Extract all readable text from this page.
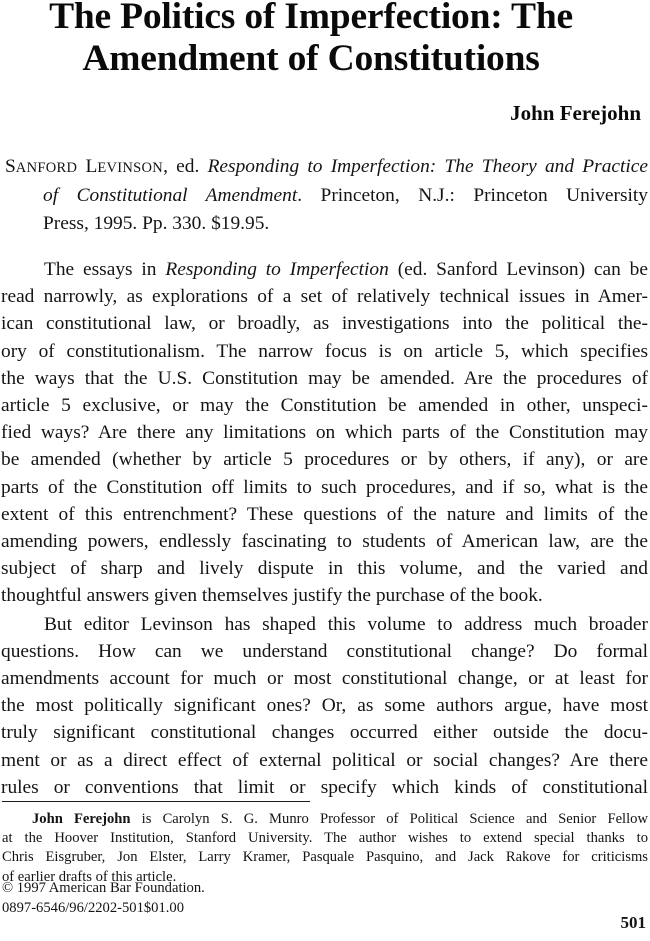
The Politics of Imperfection: The
Amendment of Constitutions
John Ferejohn
SANFORD LEVINSON, ed. Responding to Imperfection: The Theory and Practice
of Constitutional Amendment. Princeton, N.J.: Princeton University
Press, 1995. Pp. 330. $19.95.
The essays in Responding to Imperfection (ed. Sanford Levinson) can be
read narrowly, as explorations of a set of relatively technical issues in Amer-
ican constitutional law, or broadly, as investigations into the political the-
ory of constitutionalism. The narrow focus is on article 5, which specifies
the ways that the U.S. Constitution may be amended. Are the procedures of
article 5 exclusive, or may the Constitution be amended in other, unspeci-
fied ways? Are there any limitations on which parts of the Constitution may
be amended (whether by article 5 procedures or by others, if any), or are
parts of the Constitution off limits to such procedures, and if so, what is the
extent of this entrenchment? These questions of the nature and limits of the
amending powers, endlessly fascinating to students of American law, are the
subject of sharp and lively dispute in this volume, and the varied and
thoughtful answers given themselves justify the purchase of the book.
But editor Levinson has shaped this volume to address much broader
questions. How can we understand constitutional change? Do formal
amendments account for much or most constitutional change, or at least for
the most politically significant ones? Or, as some authors argue, have most
truly significant constitutional changes occurred either outside the docu-
ment or as a direct effect of external political or social changes? Are there
rules or conventions that limit or specify which kinds of constitutional
John Ferejohn is Carolyn S. G. Munro Professor of Political Science and Senior Fellow
at the Hoover Institution, Stanford University. The author wishes to extend special thanks to
Chris Eisgruber, Jon Elster, Larry Kramer, Pasquale Pasquino, and Jack Rakove for criticisms
of earlier drafts of this article.
© 1997 American Bar Foundation.
0897-6546/96/2202-501$01.00
501
